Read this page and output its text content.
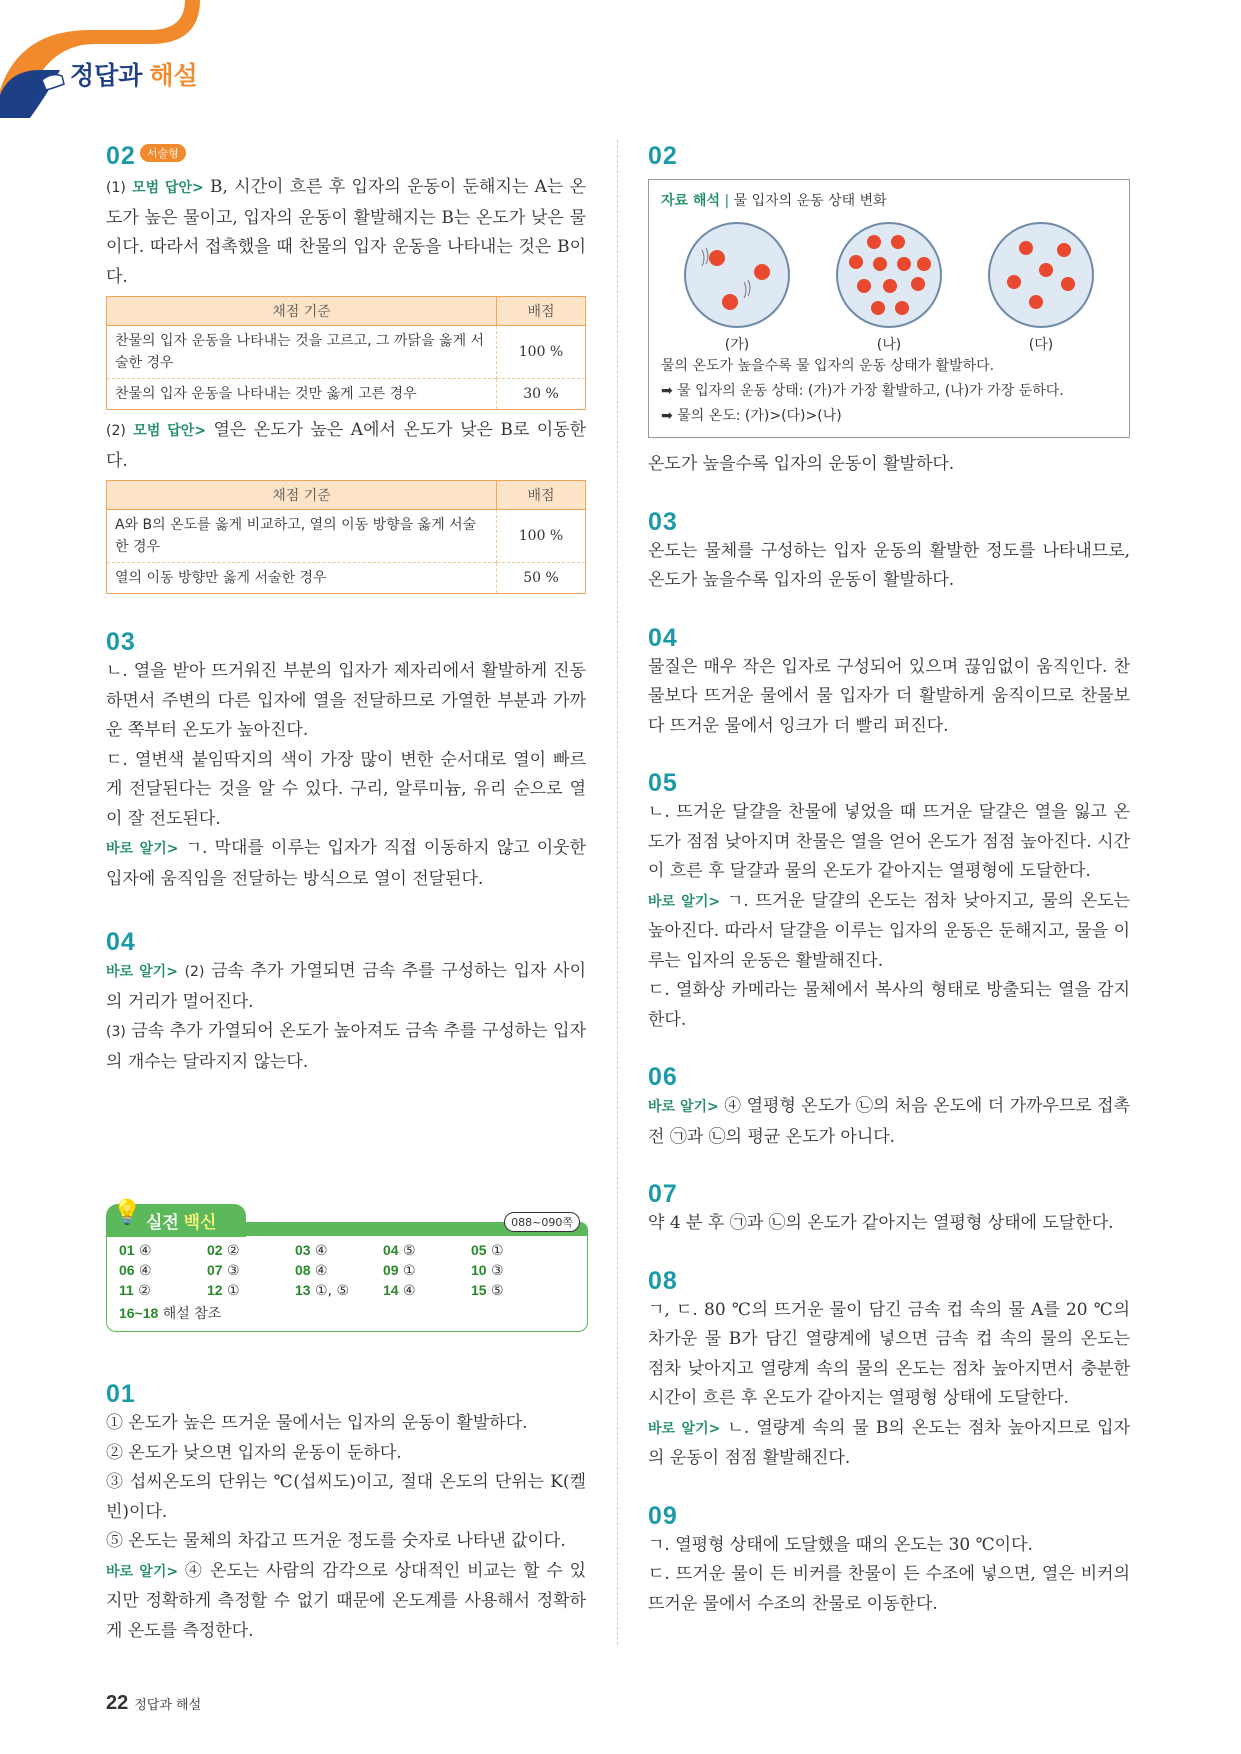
정답과 해설
02 서술형

(1) 모범 답안> B, 시간이 흐른 후 입자의 운동이 둔해지는 A는 온도가 높은 물이고, 입자의 운동이 활발해지는 B는 온도가 낮은 물이다. 따라서 접촉했을 때 찬물의 입자 운동을 나타내는 것은 B이다.

채점 기준	배점
찬물의 입자 운동을 나타내는 것을 고르고, 그 까닭을 옳게 서술한 경우	100 %
찬물의 입자 운동을 나타내는 것만 옳게 고른 경우	30 %

(2) 모범 답안> 열은 온도가 높은 A에서 온도가 낮은 B로 이동한다.

채점 기준	배점
A와 B의 온도를 옳게 비교하고, 열의 이동 방향을 옳게 서술한 경우	100 %
열의 이동 방향만 옳게 서술한 경우	50 %
03

ㄴ. 열을 받아 뜨거워진 부분의 입자가 제자리에서 활발하게 진동하면서 주변의 다른 입자에 열을 전달하므로 가열한 부분과 가까운 쪽부터 온도가 높아진다.

ㄷ. 열변색 붙임딱지의 색이 가장 많이 변한 순서대로 열이 빠르게 전달된다는 것을 알 수 있다. 구리, 알루미늄, 유리 순으로 열이 잘 전도된다.

바로 알기> ㄱ. 막대를 이루는 입자가 직접 이동하지 않고 이웃한 입자에 움직임을 전달하는 방식으로 열이 전달된다.

04

바로 알기> (2) 금속 추가 가열되면 금속 추를 구성하는 입자 사이의 거리가 멀어진다.

(3) 금속 추가 가열되어 온도가 높아져도 금속 추를 구성하는 입자의 개수는 달라지지 않는다.

실전 백신
💡	088~090쪽
01 ④	02 ②	03 ④	04 ⑤	05 ①
06 ④	07 ③	08 ④	09 ①	10 ③
11 ②	12 ①	13 ①, ⑤	14 ④	15 ⑤
16~18 해설 참조
01

① 온도가 높은 뜨거운 물에서는 입자의 운동이 활발하다.

② 온도가 낮으면 입자의 운동이 둔하다.

③ 섭씨온도의 단위는 ℃(섭씨도)이고, 절대 온도의 단위는 K(켈빈)이다.

⑤ 온도는 물체의 차갑고 뜨거운 정도를 숫자로 나타낸 값이다.

바로 알기> ④ 온도는 사람의 감각으로 상대적인 비교는 할 수 있지만 정확하게 측정할 수 없기 때문에 온도계를 사용해서 정확하게 온도를 측정한다.

02
자료 해석 | 물 입자의 운동 상태 변화
(가)	(나)	(다)
물의 온도가 높을수록 물 입자의 운동 상태가 활발하다.
➡ 물 입자의 운동 상태: (가)가 가장 활발하고, (나)가 가장 둔하다.
➡ 물의 온도: (가)>(다)>(나)

온도가 높을수록 입자의 운동이 활발하다.

03

온도는 물체를 구성하는 입자 운동의 활발한 정도를 나타내므로, 온도가 높을수록 입자의 운동이 활발하다.

04

물질은 매우 작은 입자로 구성되어 있으며 끊임없이 움직인다. 찬물보다 뜨거운 물에서 물 입자가 더 활발하게 움직이므로 찬물보다 뜨거운 물에서 잉크가 더 빨리 퍼진다.

05

ㄴ. 뜨거운 달걀을 찬물에 넣었을 때 뜨거운 달걀은 열을 잃고 온도가 점점 낮아지며 찬물은 열을 얻어 온도가 점점 높아진다. 시간이 흐른 후 달걀과 물의 온도가 같아지는 열평형에 도달한다.

바로 알기> ㄱ. 뜨거운 달걀의 온도는 점차 낮아지고, 물의 온도는 높아진다. 따라서 달걀을 이루는 입자의 운동은 둔해지고, 물을 이루는 입자의 운동은 활발해진다.

ㄷ. 열화상 카메라는 물체에서 복사의 형태로 방출되는 열을 감지한다.

06

바로 알기> ④ 열평형 온도가 ㉡의 처음 온도에 더 가까우므로 접촉 전 ㉠과 ㉡의 평균 온도가 아니다.

07

약 4 분 후 ㉠과 ㉡의 온도가 같아지는 열평형 상태에 도달한다.

08

ㄱ, ㄷ. 80 ℃의 뜨거운 물이 담긴 금속 컵 속의 물 A를 20 ℃의 차가운 물 B가 담긴 열량계에 넣으면 금속 컵 속의 물의 온도는 점차 낮아지고 열량계 속의 물의 온도는 점차 높아지면서 충분한 시간이 흐른 후 온도가 같아지는 열평형 상태에 도달한다.

바로 알기> ㄴ. 열량계 속의 물 B의 온도는 점차 높아지므로 입자의 운동이 점점 활발해진다.

09

ㄱ. 열평형 상태에 도달했을 때의 온도는 30 ℃이다.

ㄷ. 뜨거운 물이 든 비커를 찬물이 든 수조에 넣으면, 열은 비커의 뜨거운 물에서 수조의 찬물로 이동한다.

22 정답과 해설
